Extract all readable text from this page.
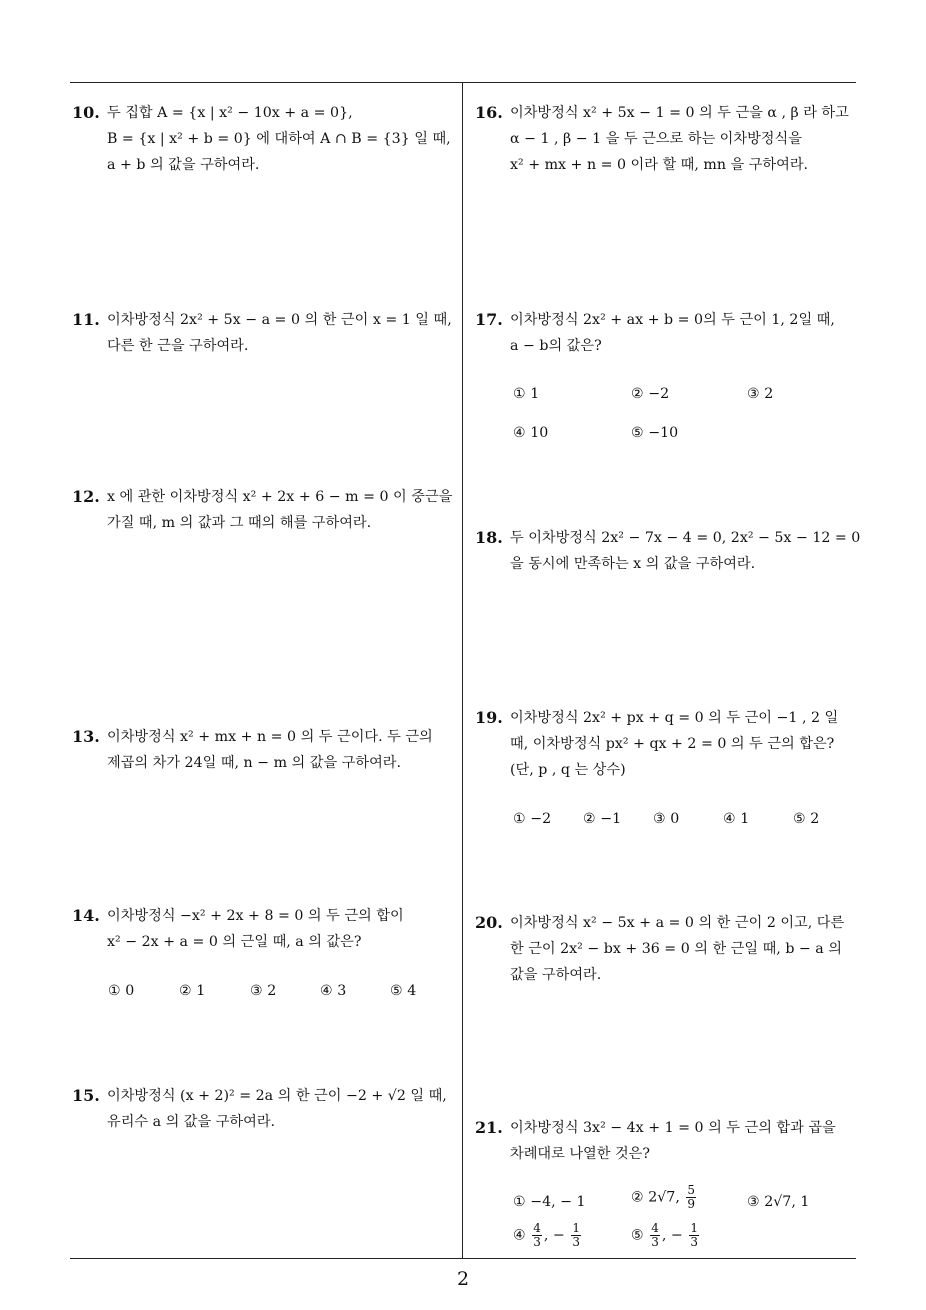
10. 두 집합 A = {x | x² − 10x + a = 0},
B = {x | x² + b = 0} 에 대하여 A ∩ B = {3} 일 때,
a + b 의 값을 구하여라.
11. 이차방정식 2x² + 5x − a = 0 의 한 근이 x = 1 일 때,
다른 한 근을 구하여라.
12. x 에 관한 이차방정식 x² + 2x + 6 − m = 0 이 중근을
가질 때, m 의 값과 그 때의 해를 구하여라.
13. 이차방정식 x² + mx + n = 0 의 두 근이다. 두 근의
제곱의 차가 24일 때, n − m 의 값을 구하여라.
14. 이차방정식 −x² + 2x + 8 = 0 의 두 근의 합이
x² − 2x + a = 0 의 근일 때, a 의 값은?
① 0	② 1	③ 2	④ 3	⑤ 4
15. 이차방정식 (x + 2)² = 2a 의 한 근이 −2 + √2 일 때,
유리수 a 의 값을 구하여라.
16. 이차방정식 x² + 5x − 1 = 0 의 두 근을 α , β 라 하고
α − 1 , β − 1 을 두 근으로 하는 이차방정식을
x² + mx + n = 0 이라 할 때, mn 을 구하여라.
17. 이차방정식 2x² + ax + b = 0의 두 근이 1, 2일 때,
a − b의 값은?
① 1	② −2	③ 2
④ 10	⑤ −10
18. 두 이차방정식 2x² − 7x − 4 = 0, 2x² − 5x − 12 = 0
을 동시에 만족하는 x 의 값을 구하여라.
19. 이차방정식 2x² + px + q = 0 의 두 근이 −1 , 2 일
때, 이차방정식 px² + qx + 2 = 0 의 두 근의 합은?
(단, p , q 는 상수)
① −2 ② −1 ③ 0	④ 1	⑤ 2
20. 이차방정식 x² − 5x + a = 0 의 한 근이 2 이고, 다른
한 근이 2x² − bx + 36 = 0 의 한 근일 때, b − a 의
값을 구하여라.
21. 이차방정식 3x² − 4x + 1 = 0 의 두 근의 합과 곱을
차례대로 나열한 것은?
① −4, − 1	② 2√7, $\frac{5}{9}$	③ 2√7, 1
④ $\frac{4}{3}$ , − $\frac{1}{3}$	⑤ $\frac{4}{3}$ , − $\frac{1}{3}$
2
